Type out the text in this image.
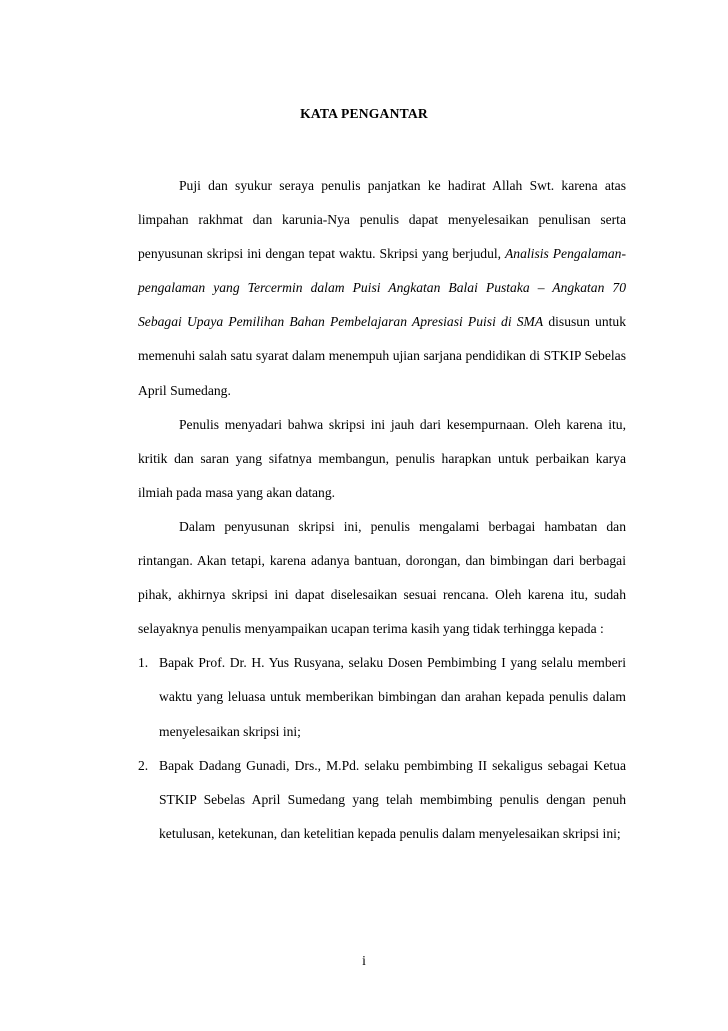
KATA PENGANTAR

Puji dan syukur seraya penulis panjatkan ke hadirat Allah Swt. karena atas limpahan rakhmat dan karunia-Nya penulis dapat menyelesaikan penulisan serta penyusunan skripsi ini dengan tepat waktu. Skripsi yang berjudul, Analisis Pengalaman-pengalaman yang Tercermin dalam Puisi Angkatan Balai Pustaka – Angkatan 70 Sebagai Upaya Pemilihan Bahan Pembelajaran Apresiasi Puisi di SMA disusun untuk memenuhi salah satu syarat dalam menempuh ujian sarjana pendidikan di STKIP Sebelas April Sumedang.

Penulis menyadari bahwa skripsi ini jauh dari kesempurnaan. Oleh karena itu, kritik dan saran yang sifatnya membangun, penulis harapkan untuk perbaikan karya ilmiah pada masa yang akan datang.

Dalam penyusunan skripsi ini, penulis mengalami berbagai hambatan dan rintangan. Akan tetapi, karena adanya bantuan, dorongan, dan bimbingan dari berbagai pihak, akhirnya skripsi ini dapat diselesaikan sesuai rencana. Oleh karena itu, sudah selayaknya penulis menyampaikan ucapan terima kasih yang tidak terhingga kepada :

1. Bapak Prof. Dr. H. Yus Rusyana, selaku Dosen Pembimbing I yang selalu memberi waktu yang leluasa untuk memberikan bimbingan dan arahan kepada penulis dalam menyelesaikan skripsi ini;
2. Bapak Dadang Gunadi, Drs., M.Pd. selaku pembimbing II sekaligus sebagai Ketua STKIP Sebelas April Sumedang yang telah membimbing penulis dengan penuh ketulusan, ketekunan, dan ketelitian kepada penulis dalam menyelesaikan skripsi ini;
i
